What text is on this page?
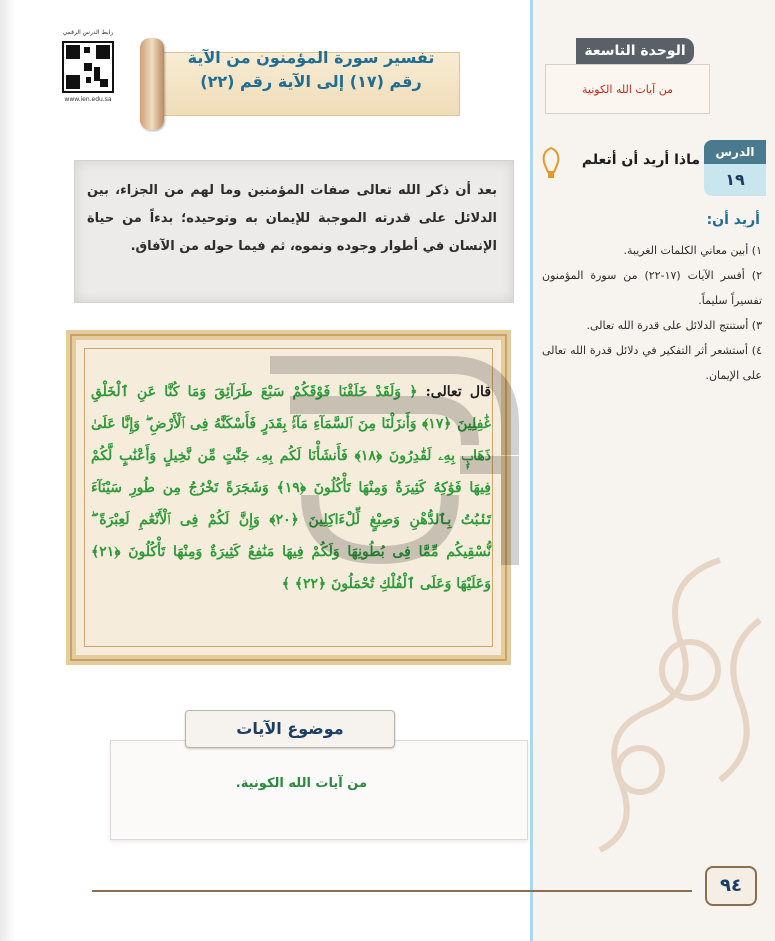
رابط الدرس الرقمي
www.ien.edu.sa
تفسير سورة المؤمنون من الآية
رقم (١٧) إلى الآية رقم (٢٢)

بعد أن ذكر الله تعالى صفات المؤمنين وما لهم من الجزاء، بين الدلائل على قدرته الموجبة للإيمان به وتوحيده؛ بدءاً من حياة الإنسان في أطوار وجوده ونموه، ثم فيما حوله من الآفاق.

قال تعالى: ﴿ وَلَقَدْ خَلَقْنَا فَوْقَكُمْ سَبْعَ طَرَآئِقَ وَمَا كُنَّا عَنِ ٱلْخَلْقِ غَٰفِلِينَ ﴿١٧﴾ وَأَنزَلْنَا مِنَ ٱلسَّمَآءِ مَآءًۢ بِقَدَرٍ فَأَسْكَنَّٰهُ فِى ٱلْأَرْضِ ۖ وَإِنَّا عَلَىٰ ذَهَابٍۭ بِهِۦ لَقَٰدِرُونَ ﴿١٨﴾ فَأَنشَأْنَا لَكُم بِهِۦ جَنَّٰتٍ مِّن نَّخِيلٍ وَأَعْنَٰبٍ لَّكُمْ فِيهَا فَوَٰكِهُ كَثِيرَةٌ وَمِنْهَا تَأْكُلُونَ ﴿١٩﴾ وَشَجَرَةً تَخْرُجُ مِن طُورِ سَيْنَآءَ تَنۢبُتُ بِٱلدُّهْنِ وَصِبْغٍ لِّلْءَاكِلِينَ ﴿٢٠﴾ وَإِنَّ لَكُمْ فِى ٱلْأَنْعَٰمِ لَعِبْرَةً ۖ نُّسْقِيكُم مِّمَّا فِى بُطُونِهَا وَلَكُمْ فِيهَا مَنَٰفِعُ كَثِيرَةٌ وَمِنْهَا تَأْكُلُونَ ﴿٢١﴾ وَعَلَيْهَا وَعَلَى ٱلْفُلْكِ تُحْمَلُونَ ﴿٢٢﴾ ﴾

من آيات الله الكونية.
موضوع الآيات
٩٤
الوحدة التاسعة
من آيات الله الكونية
الدرس
١٩
ماذا أريد أن أتعلم
أريد أن:
١) أبين معاني الكلمات الغريبة.
٢) أفسر الآيات (١٧-٢٢) من سورة المؤمنون تفسيراً سليماً.
٣) أستنتج الدلائل على قدرة الله تعالى.
٤) أستشعر أثر التفكير في دلائل قدرة الله تعالى على الإيمان.
